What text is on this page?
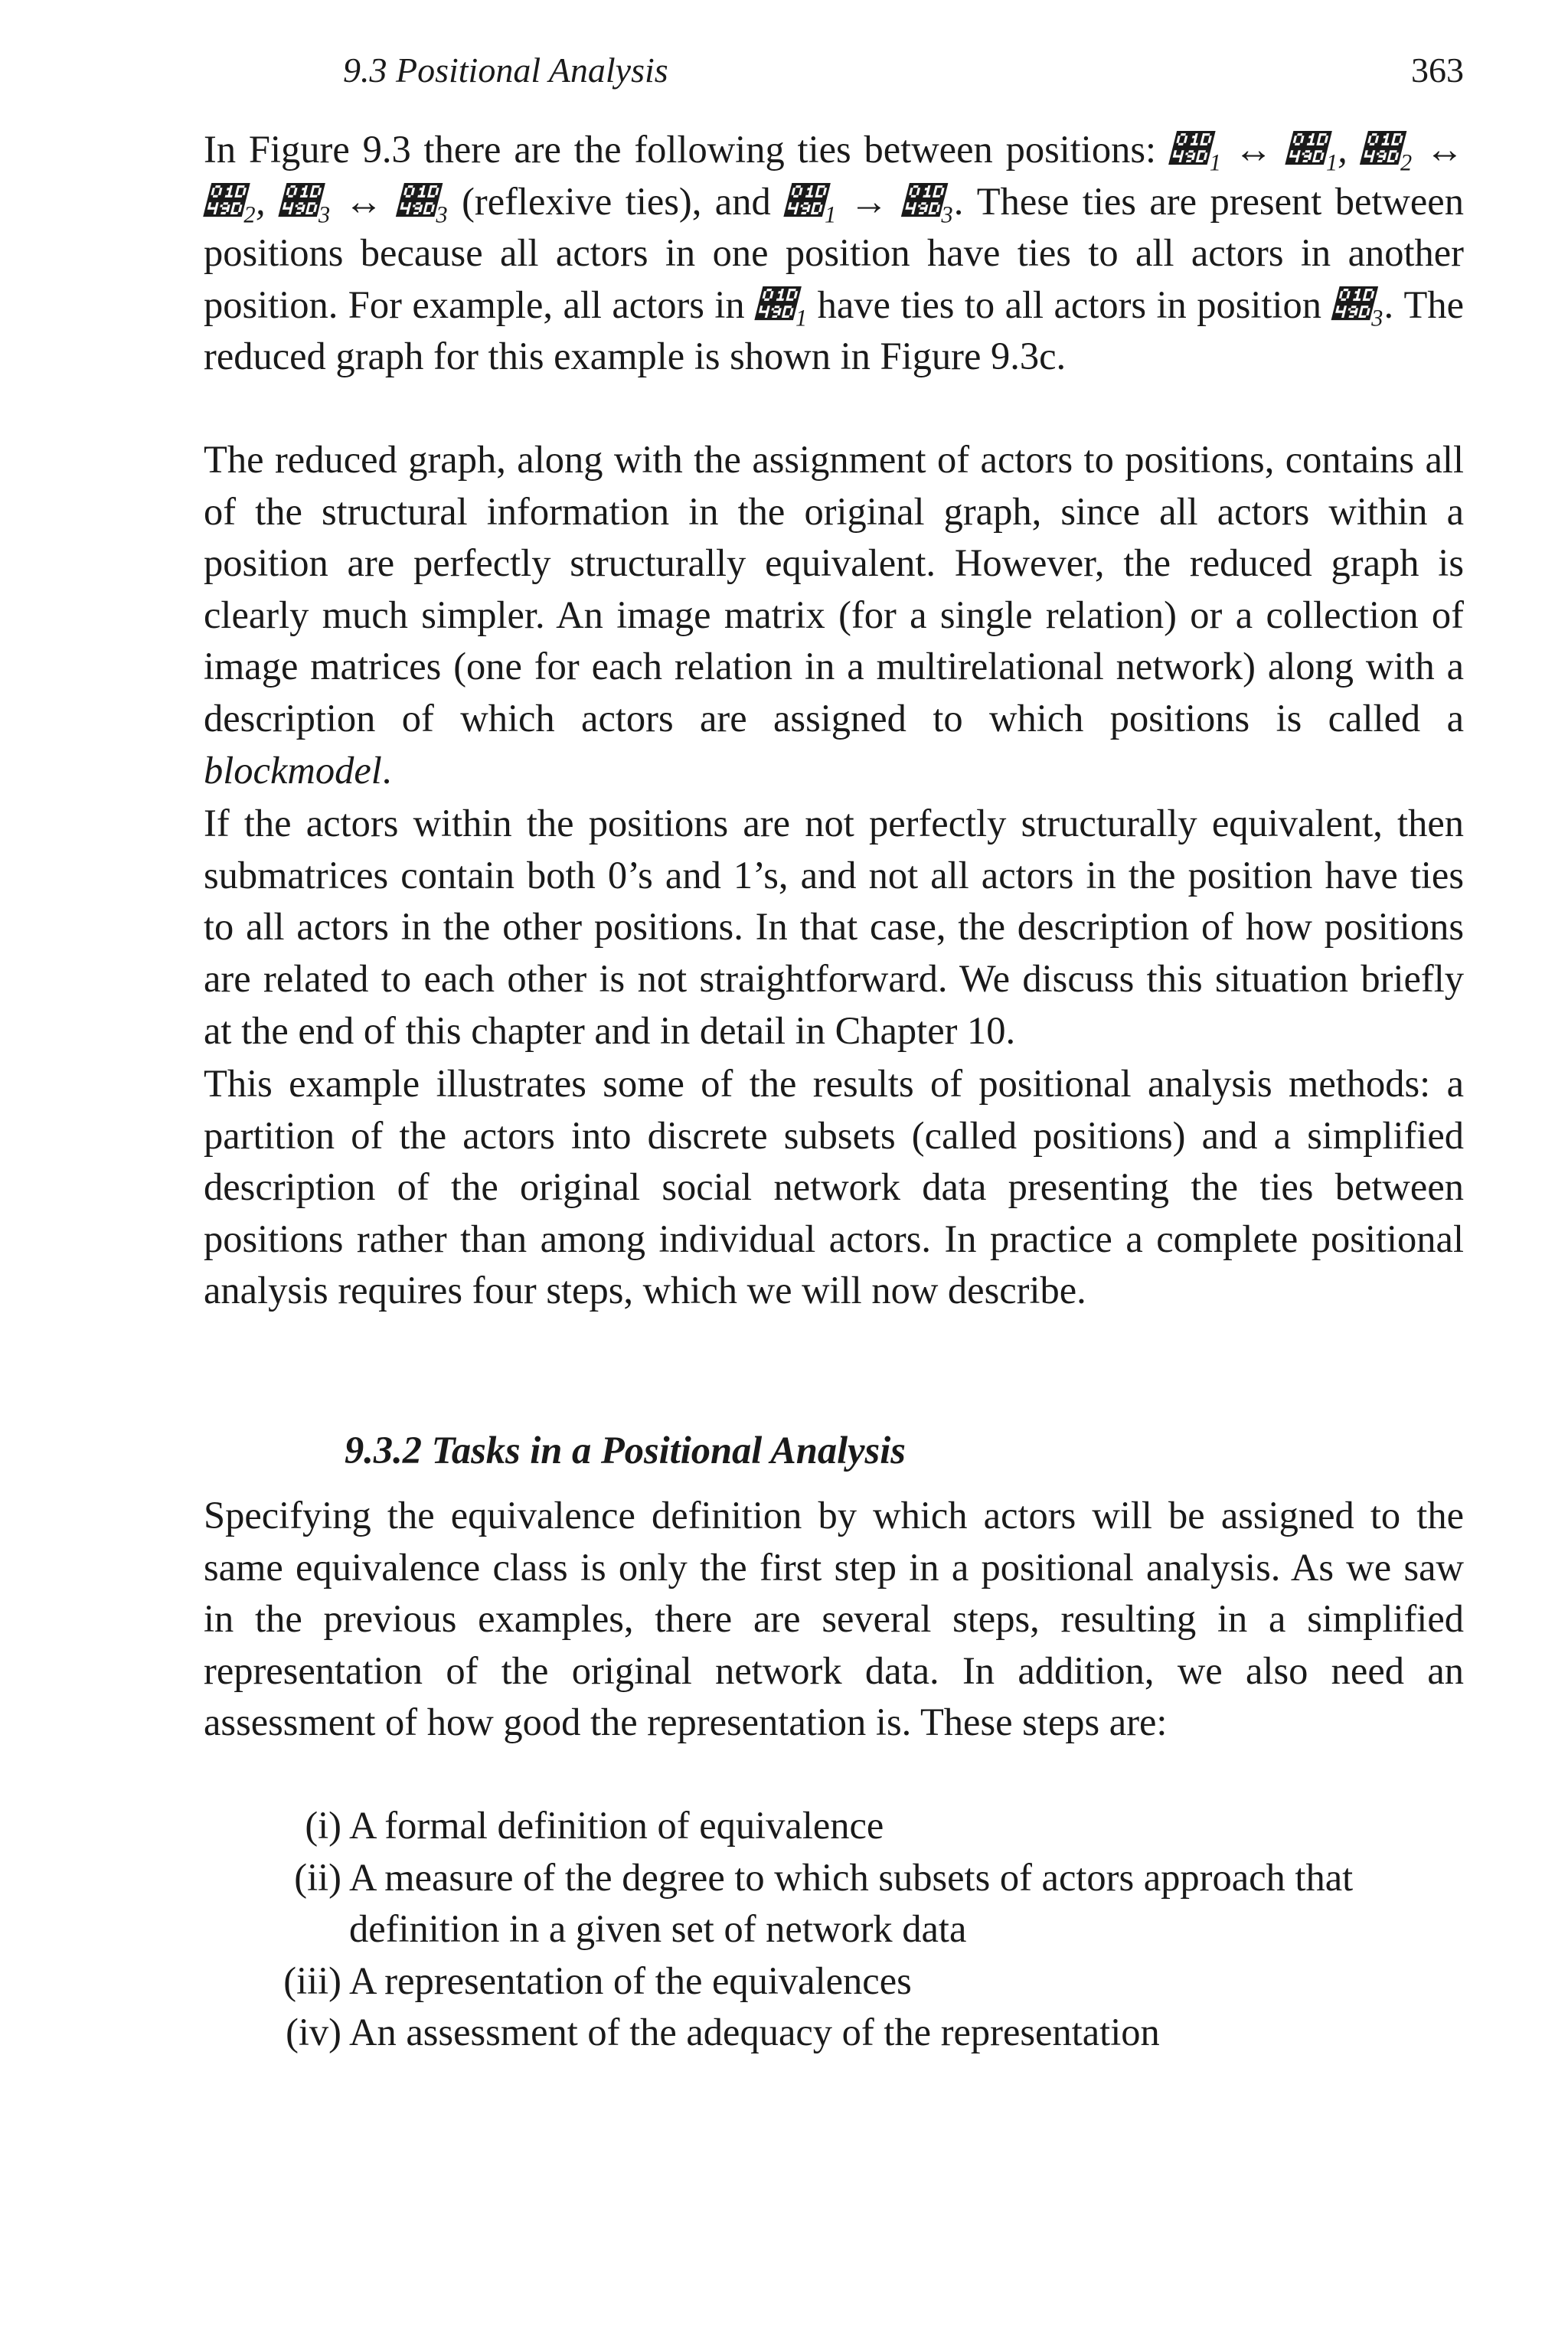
9.3 Positional Analysis	363

In Figure 9.3 there are the following ties between positions: 𝒝₁ ↔ 𝒝₁, 𝒝₂ ↔ 𝒝₂, 𝒝₃ ↔ 𝒝₃ (reflexive ties), and 𝒝₁ → 𝒝₃. These ties are present between positions because all actors in one position have ties to all actors in another position. For example, all actors in 𝒝₁ have ties to all actors in position 𝒝₃. The reduced graph for this example is shown in Figure 9.3c.

The reduced graph, along with the assignment of actors to positions, contains all of the structural information in the original graph, since all actors within a position are perfectly structurally equivalent. However, the reduced graph is clearly much simpler. An image matrix (for a single relation) or a collection of image matrices (one for each relation in a multirelational network) along with a description of which actors are assigned to which positions is called a blockmodel.

If the actors within the positions are not perfectly structurally equivalent, then submatrices contain both 0’s and 1’s, and not all actors in the position have ties to all actors in the other positions. In that case, the description of how positions are related to each other is not straightforward. We discuss this situation briefly at the end of this chapter and in detail in Chapter 10.

This example illustrates some of the results of positional analysis methods: a partition of the actors into discrete subsets (called positions) and a simplified description of the original social network data presenting the ties between positions rather than among individual actors. In practice a complete positional analysis requires four steps, which we will now describe.

9.3.2 Tasks in a Positional Analysis

Specifying the equivalence definition by which actors will be assigned to the same equivalence class is only the first step in a positional analysis. As we saw in the previous examples, there are several steps, resulting in a simplified representation of the original network data. In addition, we also need an assessment of how good the representation is. These steps are:

(i) A formal definition of equivalence
(ii) A measure of the degree to which subsets of actors approach that definition in a given set of network data
(iii) A representation of the equivalences
(iv) An assessment of the adequacy of the representation
